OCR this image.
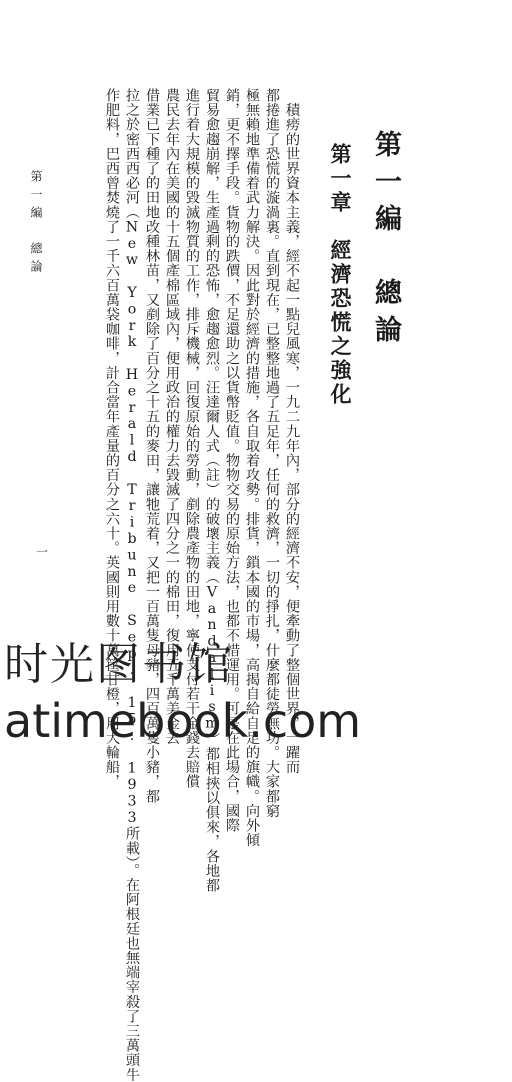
第一編　總論
第一章　經濟恐慌之強化
　積痨的世界資本主義，經不起一點兒風寒，一九二九年內，部分的經濟不安，便牽動了整個世界，一躍而
都捲進了恐慌的漩渦裏。直到現在，已整整地過了五足年，任何的救濟，一切的掙扎，什麼都徒勞無功。大家都窮
極無賴地準備着武力解決。因此對於經濟的措施，各自取着攻勢。排貨，鎖本國的市場，高揭自給自足的旗幟。向外傾
銷，更不擇手段。貨物的跌價，不足還助之以貨幣貶值。物物交易的原始方法，也都不惜運用。可是在此場合，國際
貿易愈趨崩解，生產過剩的恐怖，愈趨愈烈。汪達爾人式（註）的破壞主義（Vandalism）都相挾以俱來，各地都
進行着大規模的毀滅物質的工作，排斥機械，回復原始的勞動，剷除農產物的田地，寧使支付若干金錢去賠償
農民去年內在美國的十五個產棉區域內，便用政治的權力去毀滅了四分之一的棉田，復用五千萬美金去
借業已下種了的田地改種林苗，又剷除了百分之十五的麥田，讓牠荒着，又把一百萬隻母豬，四百萬隻小豬，都
拉之於密西西必河（New York Herald Tribune Sep. 15. 1933所載）。在阿根廷也無端宰殺了三萬頭牛
作肥料，巴西曾焚燒了一千六百萬袋咖啡，計合當年產量的百分之六十。英國則用數十萬筐甘橙，用大輪船，
第一編　總論
一
时光图书馆
atimebook.com
